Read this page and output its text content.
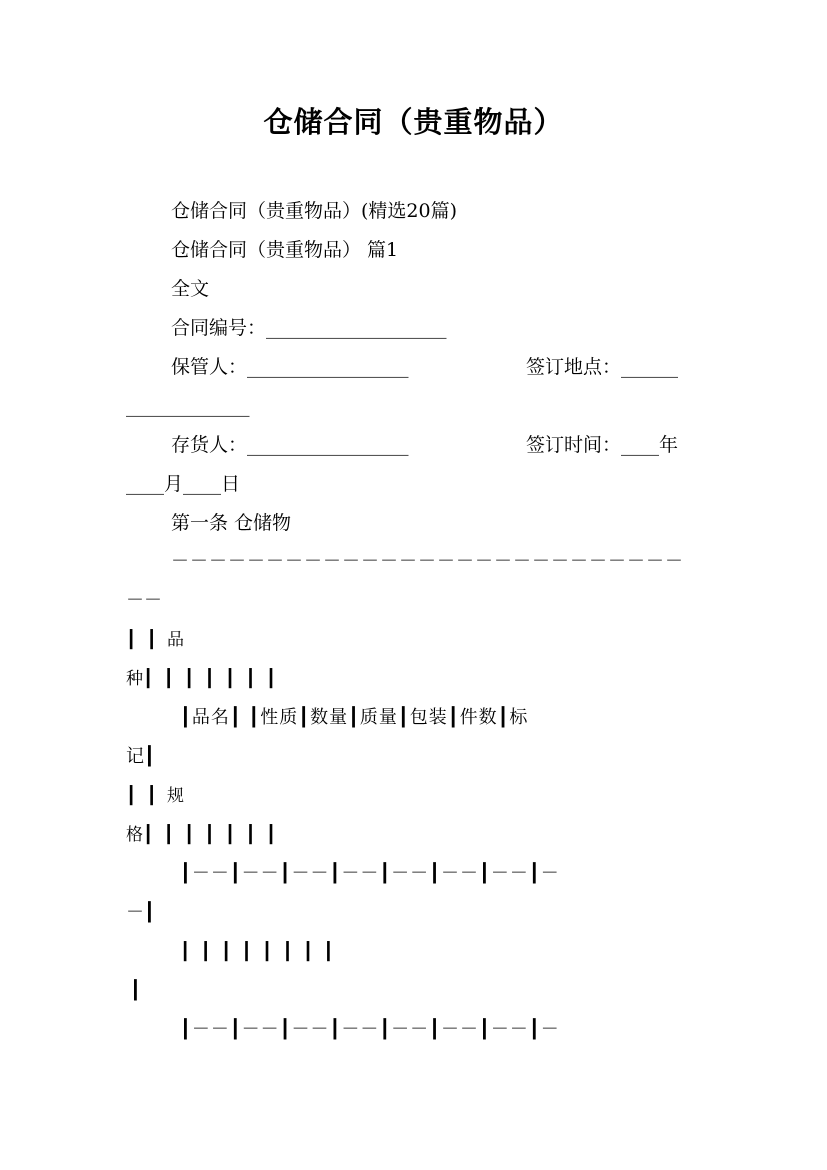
仓储合同（贵重物品）
仓储合同（贵重物品）(精选20篇)
仓储合同（贵重物品） 篇1
全文
合同编号：___________________
保管人：_________________	签订地点：______
_____________
存货人：_________________	签订时间：____年
____月____日
第一条 仓储物
－－－－－－－－－－－－－－－－－－－－－－－－－－－
－－
┃ ┃ 品
种┃ ┃ ┃ ┃ ┃ ┃ ┃
┃品名┃ ┃性质┃数量┃质量┃包装┃件数┃标
记┃
┃ ┃ 规
格┃ ┃ ┃ ┃ ┃ ┃ ┃
┃－－┃－－┃－－┃－－┃－－┃－－┃－－┃－
－┃
┃ ┃ ┃ ┃ ┃ ┃ ┃ ┃
┃
┃－－┃－－┃－－┃－－┃－－┃－－┃－－┃－
